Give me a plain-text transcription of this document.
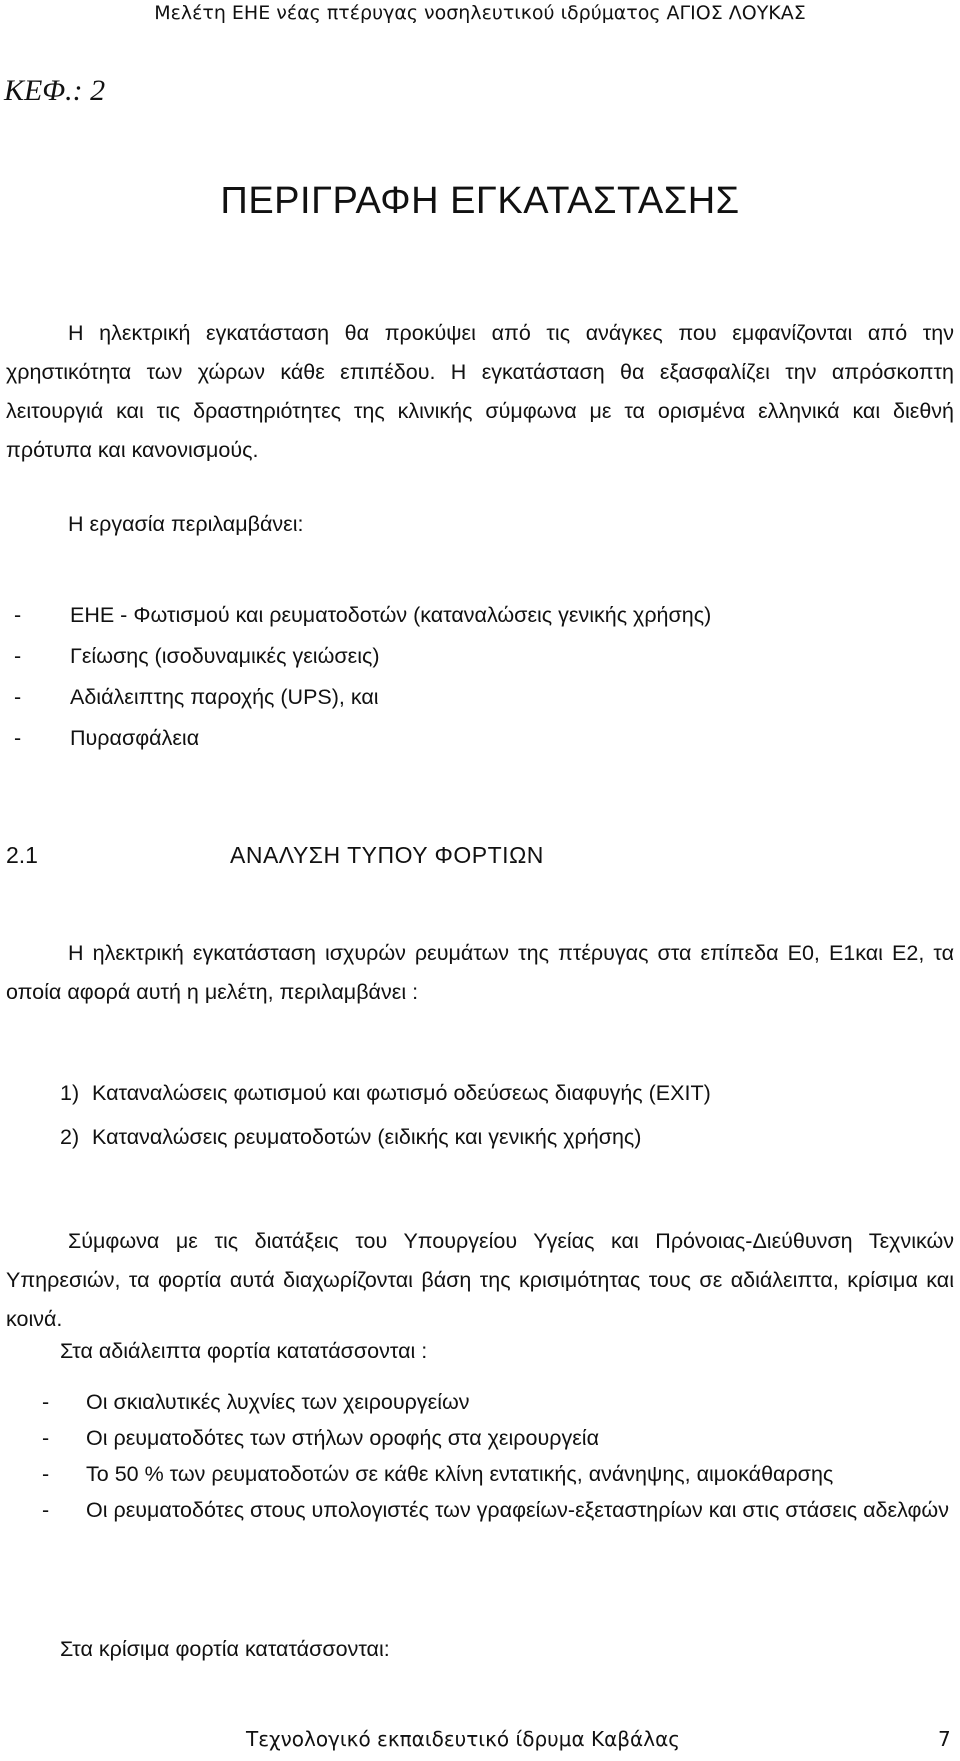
Μελέτη ΕΗΕ νέας πτέρυγας νοσηλευτικού ιδρύματος ΑΓΙΟΣ ΛΟΥΚΑΣ
ΚΕΦ.: 2
ΠΕΡΙΓΡΑΦΗ ΕΓΚΑΤΑΣΤΑΣΗΣ
Η ηλεκτρική εγκατάσταση θα προκύψει από τις ανάγκες που εμφανίζονται από την χρηστικότητα των χώρων κάθε επιπέδου. Η εγκατάσταση θα εξασφαλίζει την απρόσκοπτη λειτουργιά και τις δραστηριότητες της κλινικής σύμφωνα με τα ορισμένα ελληνικά και διεθνή πρότυπα και κανονισμούς.
Η εργασία περιλαμβάνει:
- ΕΗΕ - Φωτισμού και ρευματοδοτών (καταναλώσεις γενικής χρήσης)
- Γείωσης (ισοδυναμικές γειώσεις)
- Αδιάλειπτης παροχής (UPS), και
- Πυρασφάλεια
2.1	ΑΝΑΛΥΣΗ ΤΥΠΟΥ ΦΟΡΤΙΩΝ
Η ηλεκτρική εγκατάσταση ισχυρών ρευμάτων της πτέρυγας στα επίπεδα Ε0, Ε1και Ε2, τα οποία αφορά αυτή η μελέτη, περιλαμβάνει :
1) Καταναλώσεις φωτισμού και φωτισμό οδεύσεως διαφυγής (EXIT)
2) Καταναλώσεις ρευματοδοτών (ειδικής και γενικής χρήσης)
Σύμφωνα με τις διατάξεις του Υπουργείου Υγείας και Πρόνοιας-Διεύθυνση Τεχνικών Υπηρεσιών, τα φορτία αυτά διαχωρίζονται βάση της κρισιμότητας τους σε αδιάλειπτα, κρίσιμα και κοινά.
Στα αδιάλειπτα φορτία κατατάσσονται :
- Οι σκιαλυτικές λυχνίες των χειρουργείων
- Οι ρευματοδότες των στήλων οροφής στα χειρουργεία
- Το 50 % των ρευματοδοτών σε κάθε κλίνη εντατικής, ανάνηψης, αιμοκάθαρσης
- Οι ρευματοδότες στους υπολογιστές των γραφείων-εξεταστηρίων και στις στάσεις αδελφών
Στα κρίσιμα φορτία κατατάσσονται:
Τεχνολογικό εκπαιδευτικό ίδρυμα Καβάλας	7
